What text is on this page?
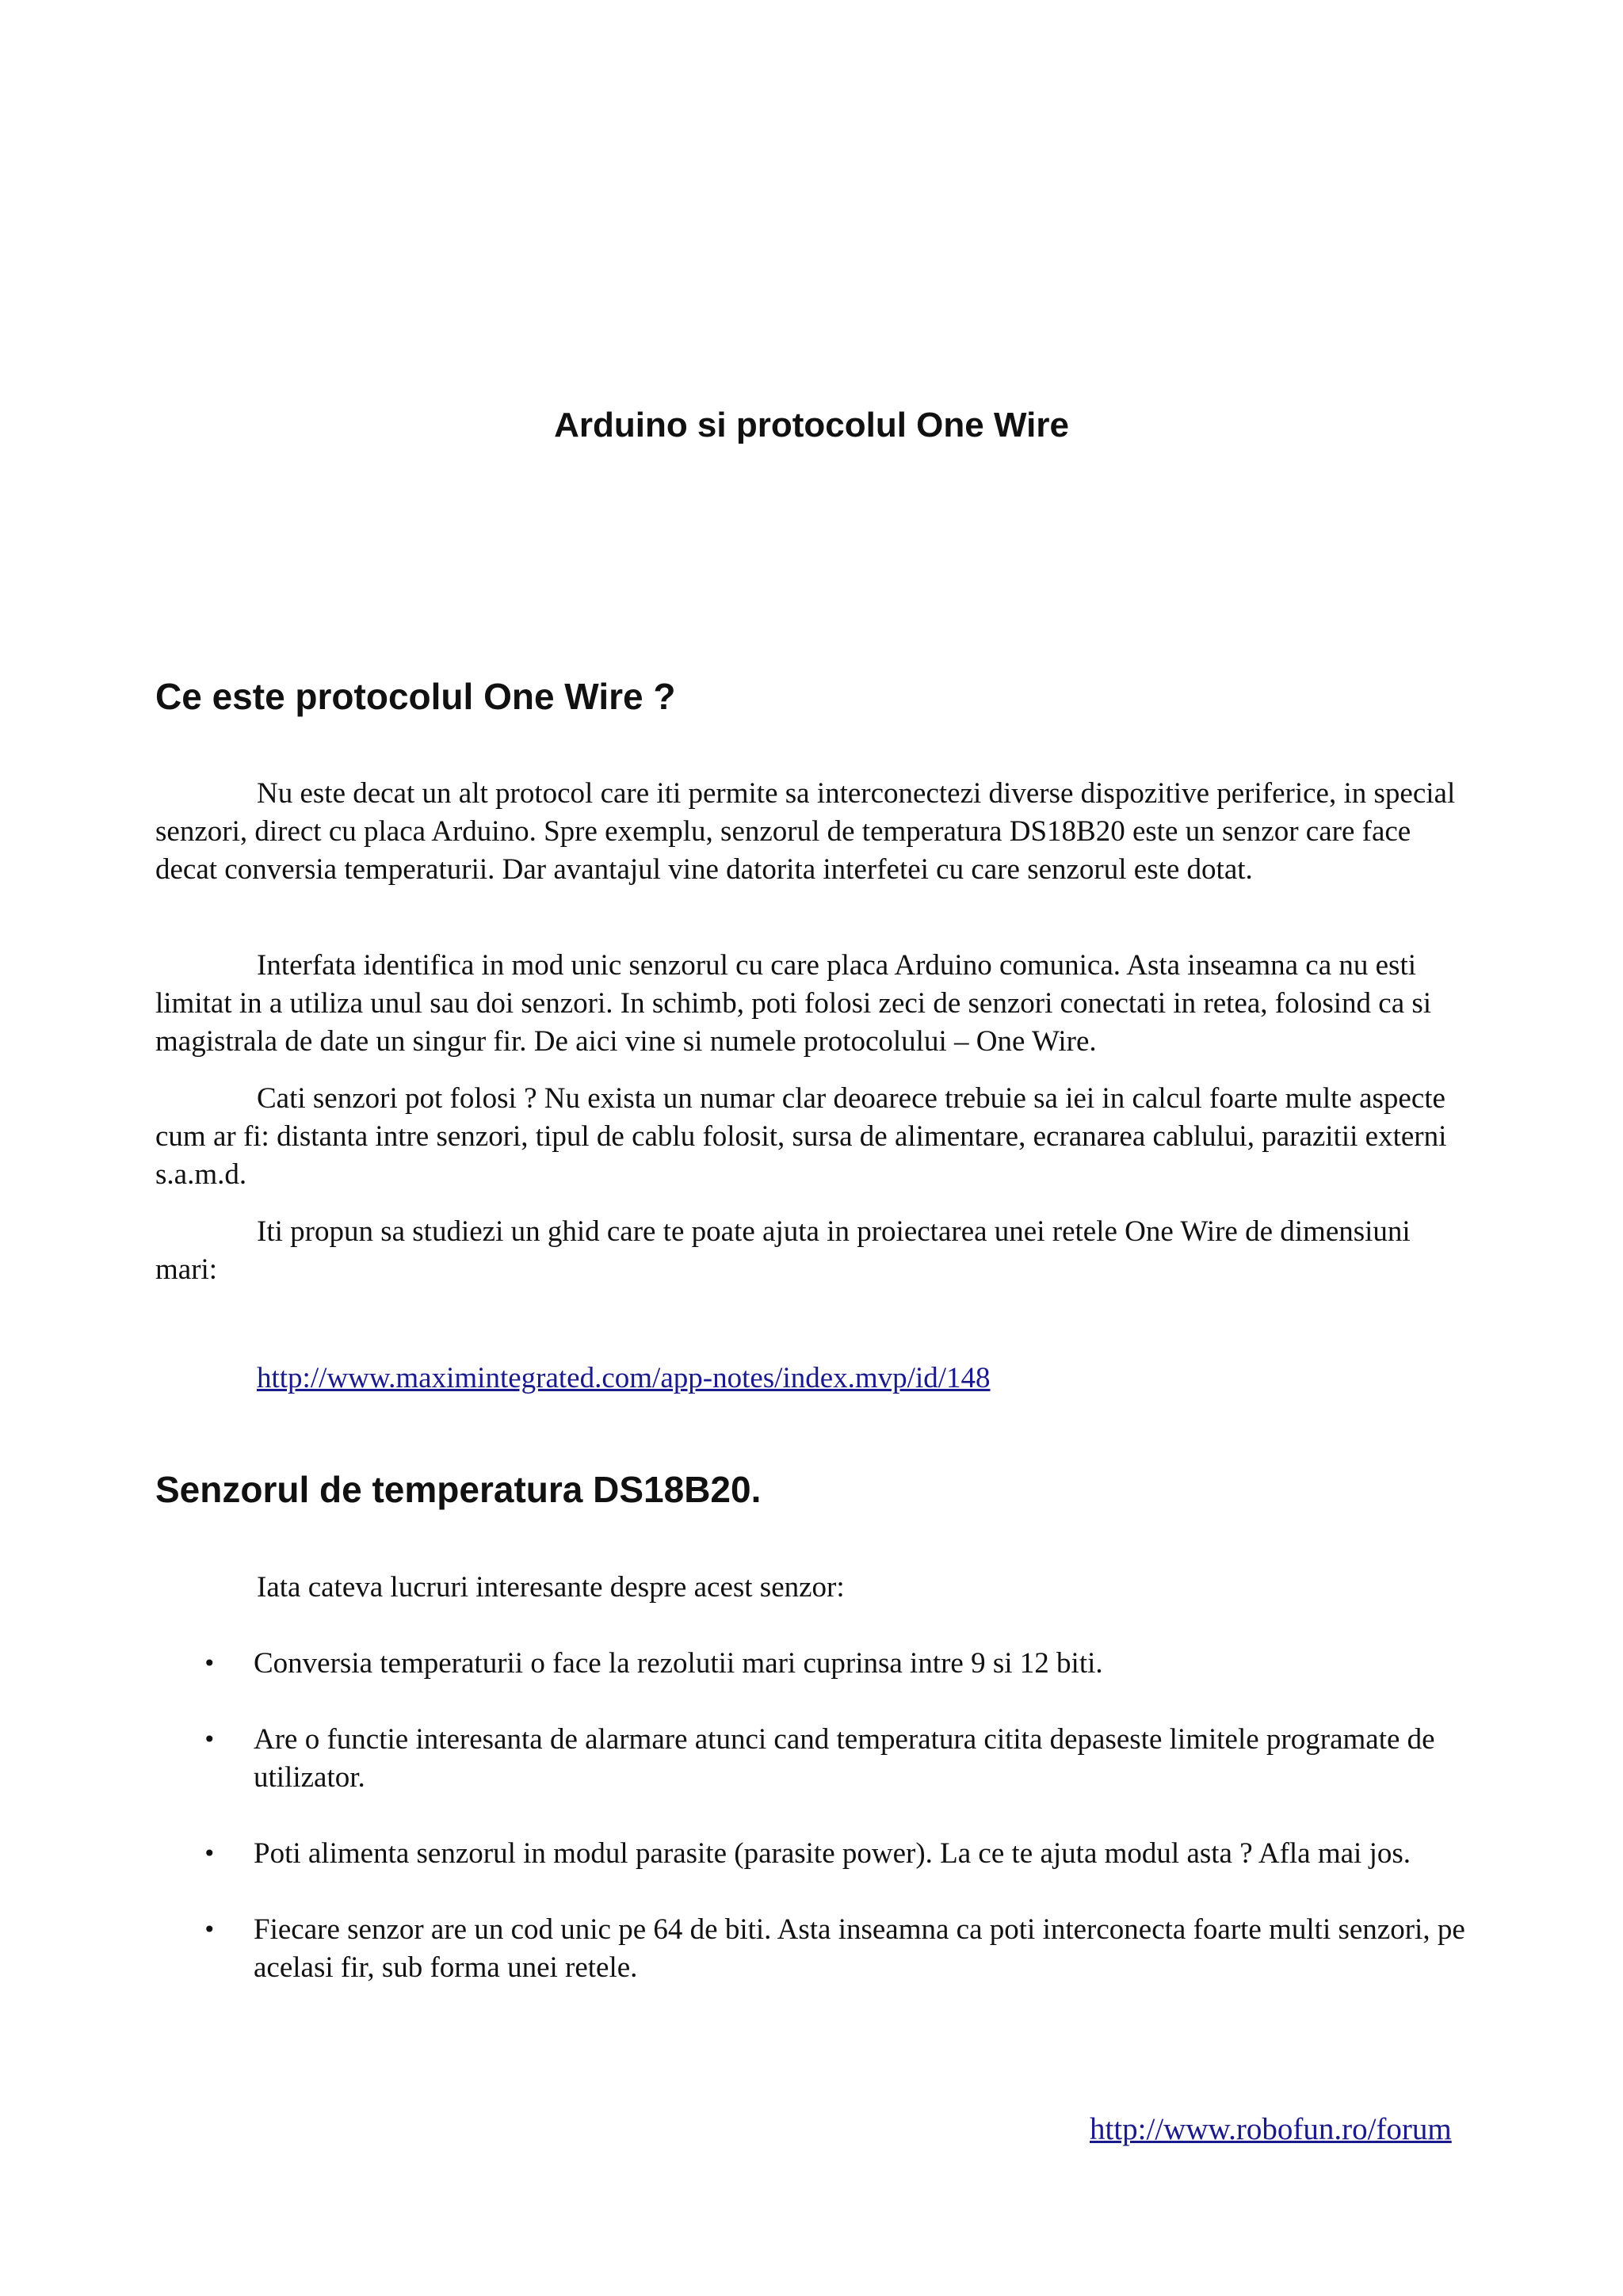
Arduino si protocolul One Wire
Ce este protocolul One Wire ?

Nu este decat un alt protocol care iti permite sa interconectezi diverse dispozitive periferice, in special senzori, direct cu placa Arduino. Spre exemplu, senzorul de temperatura DS18B20 este un senzor care face decat conversia temperaturii. Dar avantajul vine datorita interfetei cu care senzorul este dotat.

Interfata identifica in mod unic senzorul cu care placa Arduino comunica. Asta inseamna ca nu esti limitat in a utiliza unul sau doi senzori. In schimb, poti folosi zeci de senzori conectati in retea, folosind ca si magistrala de date un singur fir. De aici vine si numele protocolului – One Wire.

Cati senzori pot folosi ? Nu exista un numar clar deoarece trebuie sa iei in calcul foarte multe aspecte cum ar fi: distanta intre senzori, tipul de cablu folosit, sursa de alimentare, ecranarea cablului, parazitii externi s.a.m.d.

Iti propun sa studiezi un ghid care te poate ajuta in proiectarea unei retele One Wire de dimensiuni mari:

http://www.maximintegrated.com/app-notes/index.mvp/id/148
Senzorul de temperatura DS18B20.

Iata cateva lucruri interesante despre acest senzor:

• Conversia temperaturii o face la rezolutii mari cuprinsa intre 9 si 12 biti.
• Are o functie interesanta de alarmare atunci cand temperatura citita depaseste limitele programate de utilizator.
• Poti alimenta senzorul in modul parasite (parasite power). La ce te ajuta modul asta ? Afla mai jos.
• Fiecare senzor are un cod unic pe 64 de biti. Asta inseamna ca poti interconecta foarte multi senzori, pe acelasi fir, sub forma unei retele.
http://www.robofun.ro/forum
